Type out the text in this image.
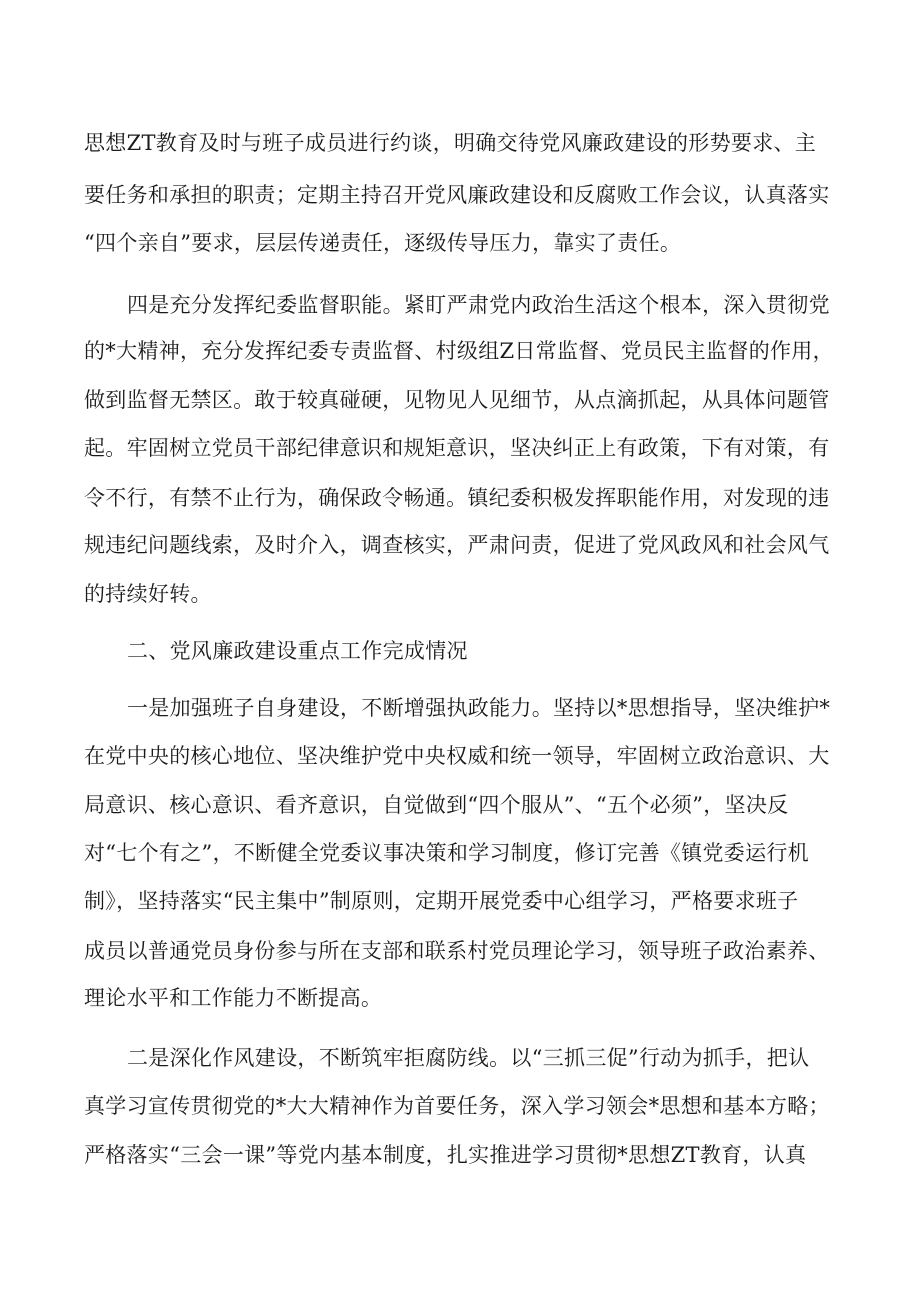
思想ZT教育及时与班子成员进行约谈，明确交待党风廉政建设的形势要求、主
要任务和承担的职责；定期主持召开党风廉政建设和反腐败工作会议，认真落实
“四个亲自”要求，层层传递责任，逐级传导压力，靠实了责任。
四是充分发挥纪委监督职能。紧盯严肃党内政治生活这个根本，深入贯彻党
的*大精神，充分发挥纪委专责监督、村级组Z日常监督、党员民主监督的作用，
做到监督无禁区。敢于较真碰硬，见物见人见细节，从点滴抓起，从具体问题管
起。牢固树立党员干部纪律意识和规矩意识，坚决纠正上有政策，下有对策，有
令不行，有禁不止行为，确保政令畅通。镇纪委积极发挥职能作用，对发现的违
规违纪问题线索，及时介入，调查核实，严肃问责，促进了党风政风和社会风气
的持续好转。
二、党风廉政建设重点工作完成情况
一是加强班子自身建设，不断增强执政能力。坚持以*思想指导，坚决维护*
在党中央的核心地位、坚决维护党中央权威和统一领导，牢固树立政治意识、大
局意识、核心意识、看齐意识，自觉做到“四个服从”、“五个必须”，坚决反
对“七个有之”，不断健全党委议事决策和学习制度，修订完善《镇党委运行机
制》，坚持落实“民主集中”制原则，定期开展党委中心组学习，严格要求班子
成员以普通党员身份参与所在支部和联系村党员理论学习，领导班子政治素养、
理论水平和工作能力不断提高。
二是深化作风建设，不断筑牢拒腐防线。以“三抓三促”行动为抓手，把认
真学习宣传贯彻党的*大大精神作为首要任务，深入学习领会*思想和基本方略；
严格落实“三会一课”等党内基本制度，扎实推进学习贯彻*思想ZT教育，认真
